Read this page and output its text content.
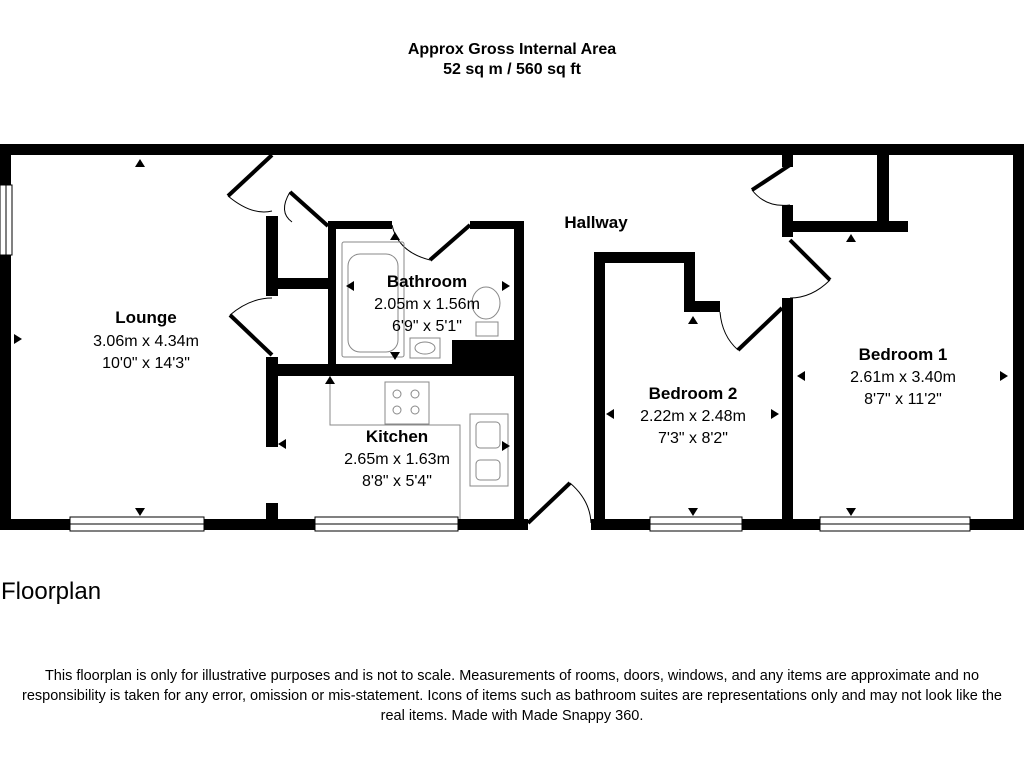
Approx Gross Internal Area
52 sq m / 560 sq ft
Lounge
3.06m x 4.34m
10'0" x 14'3"
Bathroom
2.05m x 1.56m
6'9" x 5'1"
Kitchen
2.65m x 1.63m
8'8" x 5'4"
Hallway
Bedroom 2
2.22m x 2.48m
7'3" x 8'2"
Bedroom 1
2.61m x 3.40m
8'7" x 11'2"
Floorplan
This floorplan is only for illustrative purposes and is not to scale. Measurements of rooms, doors, windows, and any items are approximate and no responsibility is taken for any error, omission or mis-statement. Icons of items such as bathroom suites are representations only and may not look like the real items. Made with Made Snappy 360.
